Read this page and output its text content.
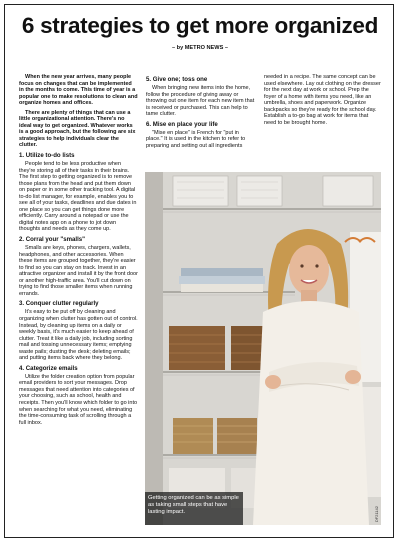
6 strategies to get more organized
– by METRO NEWS –

When the new year arrives, many people focus on changes that can be implemented in the months to come. This time of year is a popular one to make resolutions to clean and organize homes and offices.

There are plenty of things that can use a little organizational attention. There's no ideal way to get organized. Whatever works is a good approach, but the following are six strategies to help individuals clear the clutter.

1. Utilize to-do lists

People tend to be less productive when they're storing all of their tasks in their brains. The first step to getting organized is to remove those plans from the head and put them down on paper or in some other tracking tool. A digital to-do list manager, for example, enables you to see all of your tasks, deadlines and due dates in one place so you can get things done more efficiently. Carry around a notepad or use the digital notes app on a phone to jot down thoughts and needs as they come up.

2. Corral your "smalls"

Smalls are keys, phones, chargers, wallets, headphones, and other accessories. When these items are grouped together, they're easier to find so you can stay on track. Invest in an attractive organizer and install it by the front door or another high-traffic area. You'll cut down on trying to find those smaller items when running errands.

3. Conquer clutter regularly

It's easy to be put off by cleaning and organizing when clutter has gotten out of control. Instead, by cleaning up items on a daily or weekly basis, it's much easier to keep ahead of clutter. Treat it like a daily job, including sorting mail and tossing unnecessary items; emptying waste pails; dusting the desk; deleting emails; and putting items back where they belong.

4. Categorize emails

Utilize the folder creation option from popular email providers to sort your messages. Drop messages that need attention into categories of your choosing, such as school, health and receipts. Then you'll know which folder to go into when searching for what you need, eliminating the time-consuming task of scrolling through a full inbox.

5. Give one; toss one

When bringing new items into the home, follow the procedure of giving away or throwing out one item for each new item that is received or purchased. This can help to tame clutter.

6. Mise en place your life

"Mise en place" is French for "put in place." It is used in the kitchen to refer to preparing and setting out all ingredients

needed in a recipe. The same concept can be used elsewhere. Lay out clothing on the dresser for the next day at work or school. Prep the foyer of a home with items you need, like an umbrella, shoes and paperwork. Organize backpacks so they're ready for the school day. Establish a to-go bag at work for items that need to be brought home.

Getting organized can be as simple as taking small steps that have lasting impact.	DF21142
